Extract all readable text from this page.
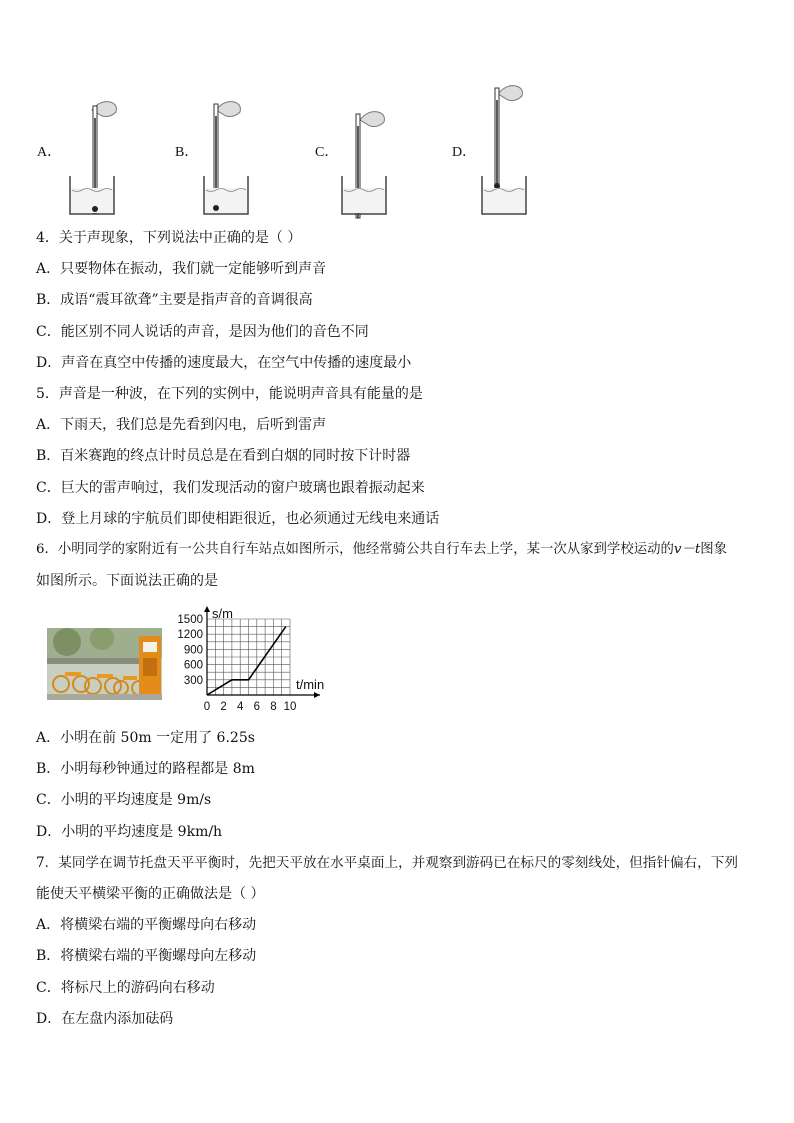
A．	B．	C．	D．
4．关于声现象，下列说法中正确的是（ ）
A．只要物体在振动，我们就一定能够听到声音
B．成语“震耳欲聋”主要是指声音的音调很高
C．能区别不同人说话的声音，是因为他们的音色不同
D．声音在真空中传播的速度最大，在空气中传播的速度最小
5．声音是一种波，在下列的实例中，能说明声音具有能量的是
A．下雨天，我们总是先看到闪电，后听到雷声
B．百米赛跑的终点计时员总是在看到白烟的同时按下计时器
C．巨大的雷声响过，我们发现活动的窗户玻璃也跟着振动起来
D．登上月球的宇航员们即使相距很近，也必须通过无线电来通话
6．小明同学的家附近有一公共自行车站点如图所示，他经常骑公共自行车去上学，某一次从家到学校运动的v－t图象
如图所示。下面说法正确的是
0 2 4 6 8 10
300
600
900
1200
1500 s/m
t/min
A．小明在前 50m 一定用了 6.25s
B．小明每秒钟通过的路程都是 8m
C．小明的平均速度是 9m/s
D．小明的平均速度是 9km/h
7．某同学在调节托盘天平平衡时，先把天平放在水平桌面上，并观察到游码已在标尺的零刻线处，但指针偏右，下列
能使天平横梁平衡的正确做法是（ ）
A．将横梁右端的平衡螺母向右移动
B．将横梁右端的平衡螺母向左移动
C．将标尺上的游码向右移动
D．在左盘内添加砝码
